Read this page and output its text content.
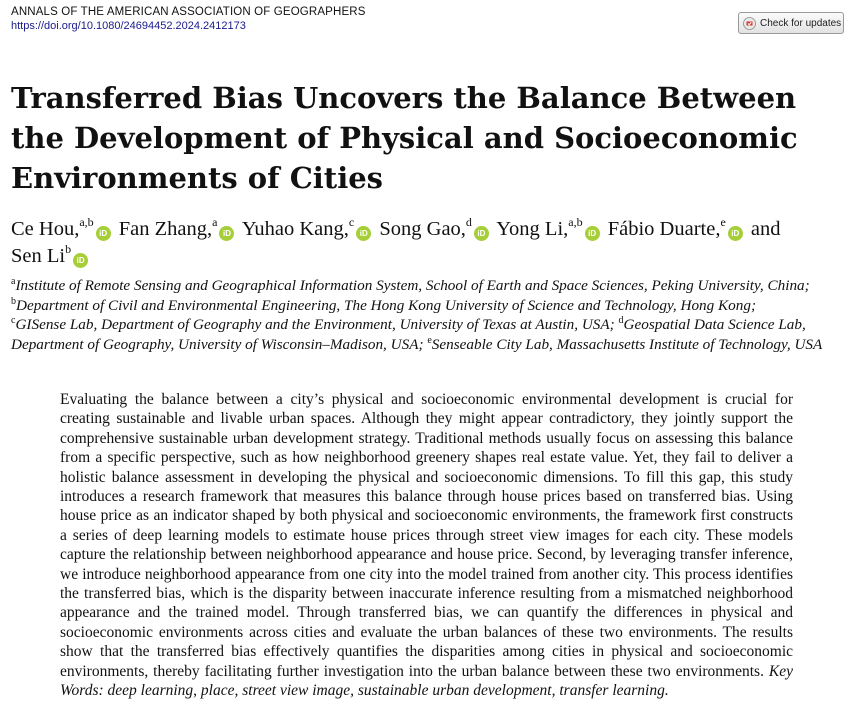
ANNALS OF THE AMERICAN ASSOCIATION OF GEOGRAPHERS
https://doi.org/10.1080/24694452.2024.2412173	Check for updates
Transferred Bias Uncovers the Balance Between
the Development of Physical and Socioeconomic
Environments of Cities
Ce Hou,$^{a,b}$iD Fan Zhang,$^a$iD Yuhao Kang,$^c$iD Song Gao,$^d$iD Yong Li,$^{a,b}$iD Fábio Duarte,$^e$iD and
Sen Li$^b$iD
$^a$Institute of Remote Sensing and Geographical Information System, School of Earth and Space Sciences, Peking University, China;
$^b$Department of Civil and Environmental Engineering, The Hong Kong University of Science and Technology, Hong Kong;
$^c$GISense Lab, Department of Geography and the Environment, University of Texas at Austin, USA; $^d$Geospatial Data Science Lab, Department of Geography, University of Wisconsin–Madison, USA; $^e$Senseable City Lab, Massachusetts Institute of Technology, USA

Evaluating the balance between a city’s physical and socioeconomic environmental development is crucial for creating sustainable and livable urban spaces. Although they might appear contradictory, they jointly support the comprehensive sustainable urban development strategy. Traditional methods usually focus on assessing this balance from a specific perspective, such as how neighborhood greenery shapes real estate value. Yet, they fail to deliver a holistic balance assessment in developing the physical and socioeconomic dimensions. To fill this gap, this study introduces a research framework that measures this balance through house prices based on transferred bias. Using house price as an indicator shaped by both physical and socioeconomic environments, the framework first constructs a series of deep learning models to estimate house prices through street view images for each city. These models capture the relationship between neighborhood appearance and house price. Second, by leveraging transfer inference, we introduce neighborhood appearance from one city into the model trained from another city. This process identifies the transferred bias, which is the disparity between inaccurate inference resulting from a mismatched neighborhood appearance and the trained model. Through transferred bias, we can quantify the differences in physical and socioeconomic environments across cities and evaluate the urban balances of these two environments. The results show that the transferred bias effectively quantifies the disparities among cities in physical and socioeconomic environments, thereby facilitating further investigation into the urban balance between these two environments. Key Words: deep learning, place, street view image, sustainable urban development, transfer learning.
